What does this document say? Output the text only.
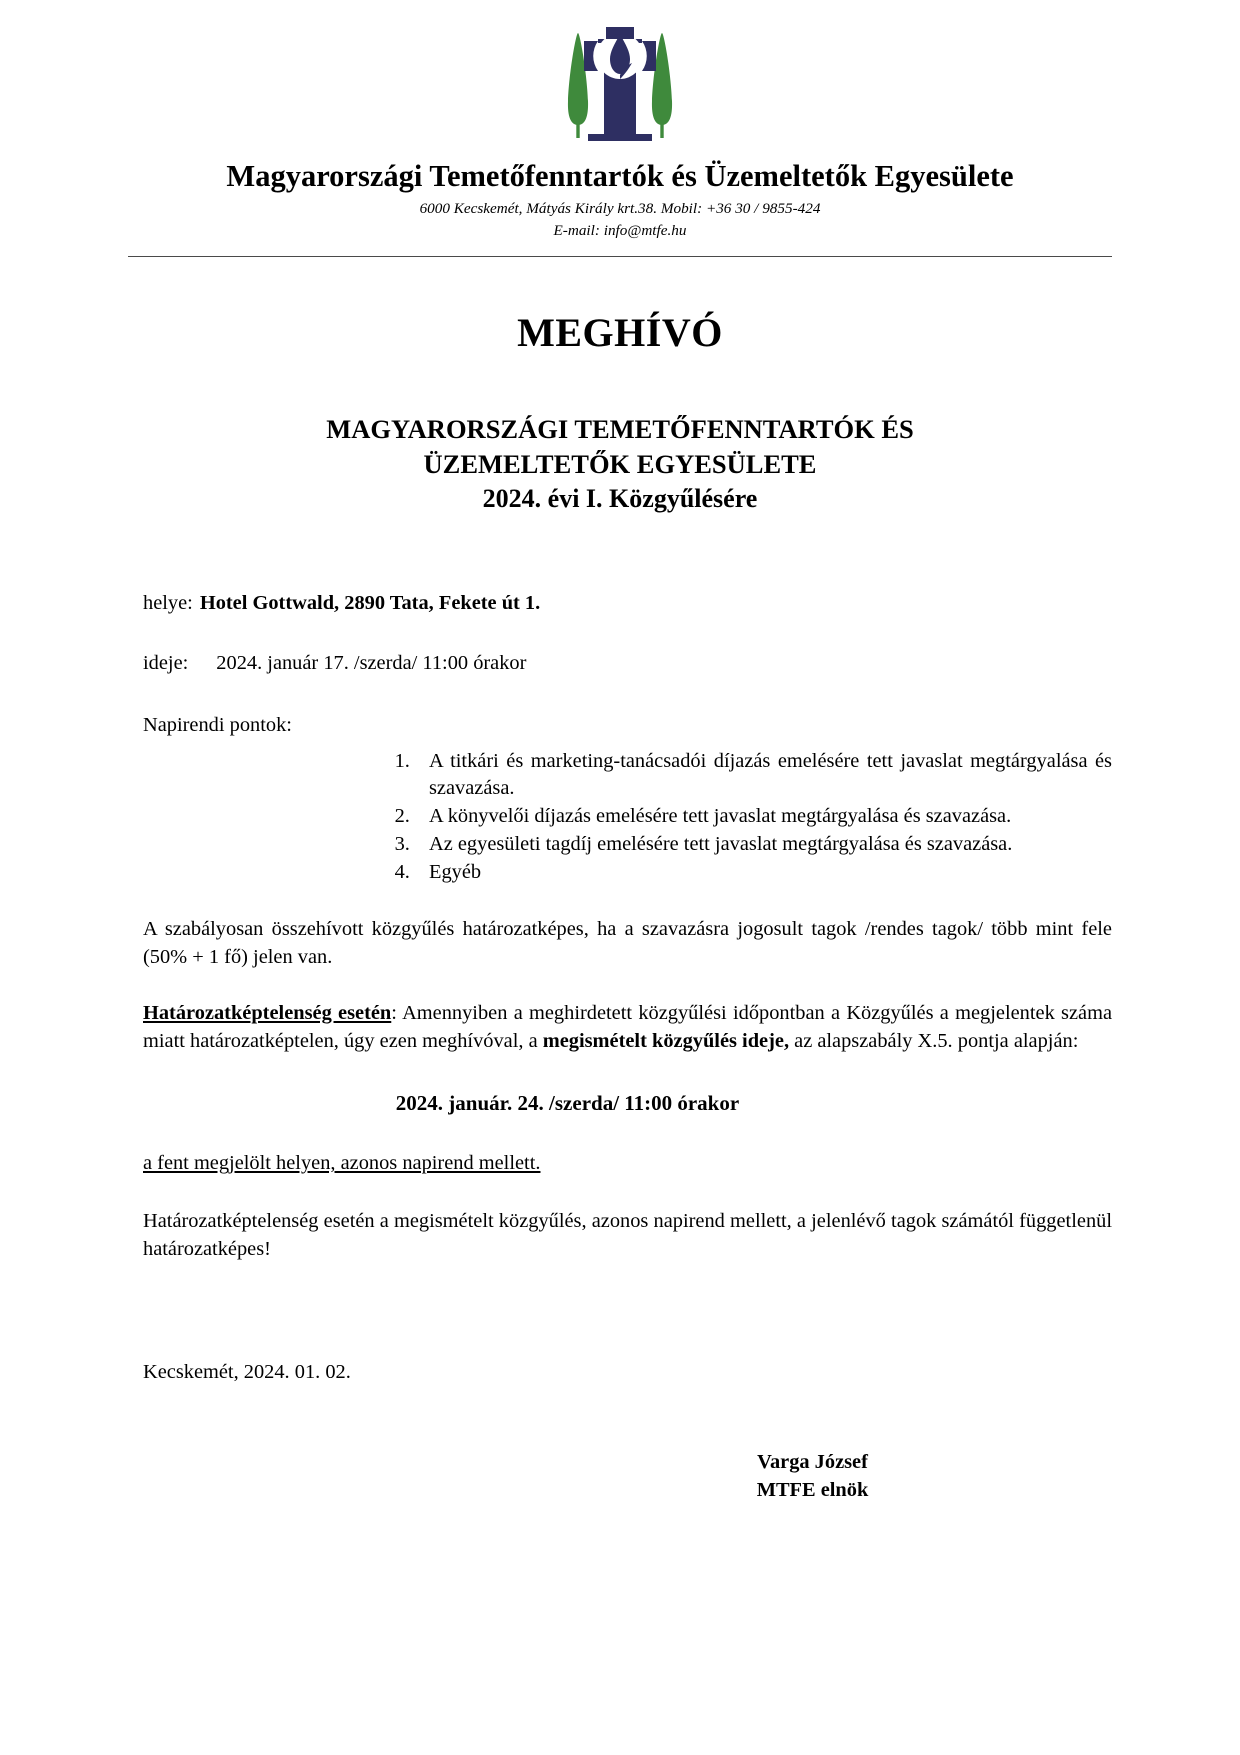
Magyarországi Temetőfenntartók és Üzemeltetők Egyesülete
6000 Kecskemét, Mátyás Király krt.38. Mobil: +36 30 / 9855-424
E-mail: info@mtfe.hu
MEGHÍVÓ
MAGYARORSZÁGI TEMETŐFENNTARTÓK ÉS
ÜZEMELTETŐK EGYESÜLETE
2024. évi I. Közgyűlésére
helye: Hotel Gottwald, 2890 Tata, Fekete út 1.
ideje: 2024. január 17. /szerda/ 11:00 órakor
Napirendi pontok:
1. A titkári és marketing-tanácsadói díjazás emelésére tett javaslat megtárgyalása és szavazása.
2. A könyvelői díjazás emelésére tett javaslat megtárgyalása és szavazása.
3. Az egyesületi tagdíj emelésére tett javaslat megtárgyalása és szavazása.
4. Egyéb

A szabályosan összehívott közgyűlés határozatképes, ha a szavazásra jogosult tagok /rendes tagok/ több mint fele (50% + 1 fő) jelen van.

Határozatképtelenség esetén: Amennyiben a meghirdetett közgyűlési időpontban a Közgyűlés a megjelentek száma miatt határozatképtelen, úgy ezen meghívóval, a megismételt közgyűlés ideje, az alapszabály X.5. pontja alapján:

2024. január. 24. /szerda/ 11:00 órakor
a fent megjelölt helyen, azonos napirend mellett.

Határozatképtelenség esetén a megismételt közgyűlés, azonos napirend mellett, a jelenlévő tagok számától függetlenül határozatképes!

Kecskemét, 2024. 01. 02.
Varga József
MTFE elnök
